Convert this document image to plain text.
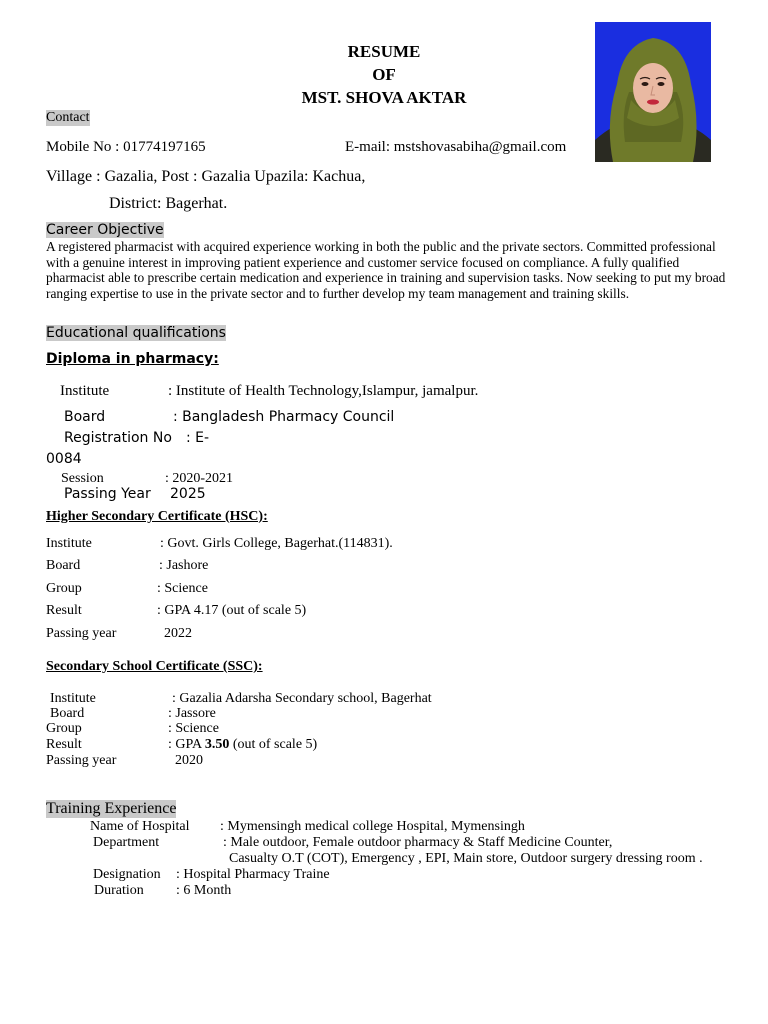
RESUME
OF
MST. SHOVA AKTAR
Contact
Mobile No : 01774197165	E-mail: mstshovasabiha@gmail.com
Village : Gazalia, Post : Gazalia Upazila: Kachua,
District: Bagerhat.
Career Objective
A registered pharmacist with acquired experience working in both the public and the private sectors. Committed professional with a genuine interest in improving patient experience and customer service focused on compliance. A fully qualified pharmacist able to prescribe certain medication and experience in training and supervision tasks. Now seeking to put my broad ranging expertise to use in the private sector and to further develop my team management and training skills.
Educational qualifications
Diploma in pharmacy:
Institute	: Institute of Health Technology,Islampur, jamalpur.
Board	: Bangladesh Pharmacy Council
Registration No : E-
0084
Session	: 2020-2021
Passing Year 2025
Higher Secondary Certificate (HSC):
Institute	: Govt. Girls College, Bagerhat.(114831).
Board	: Jashore
Group	: Science
Result	: GPA 4.17 (out of scale 5)
Passing year	2022
Secondary School Certificate (SSC):
Institute	: Gazalia Adarsha Secondary school, Bagerhat
Board	: Jassore
Group	: Science
Result	: GPA 3.50 (out of scale 5)
Passing year	2020
Training Experience
Name of Hospital : Mymensingh medical college Hospital, Mymensingh
Department	: Male outdoor, Female outdoor pharmacy & Staff Medicine Counter,
Casualty O.T (COT), Emergency , EPI, Main store, Outdoor surgery dressing room .
Designation : Hospital Pharmacy Traine
Duration : 6 Month
